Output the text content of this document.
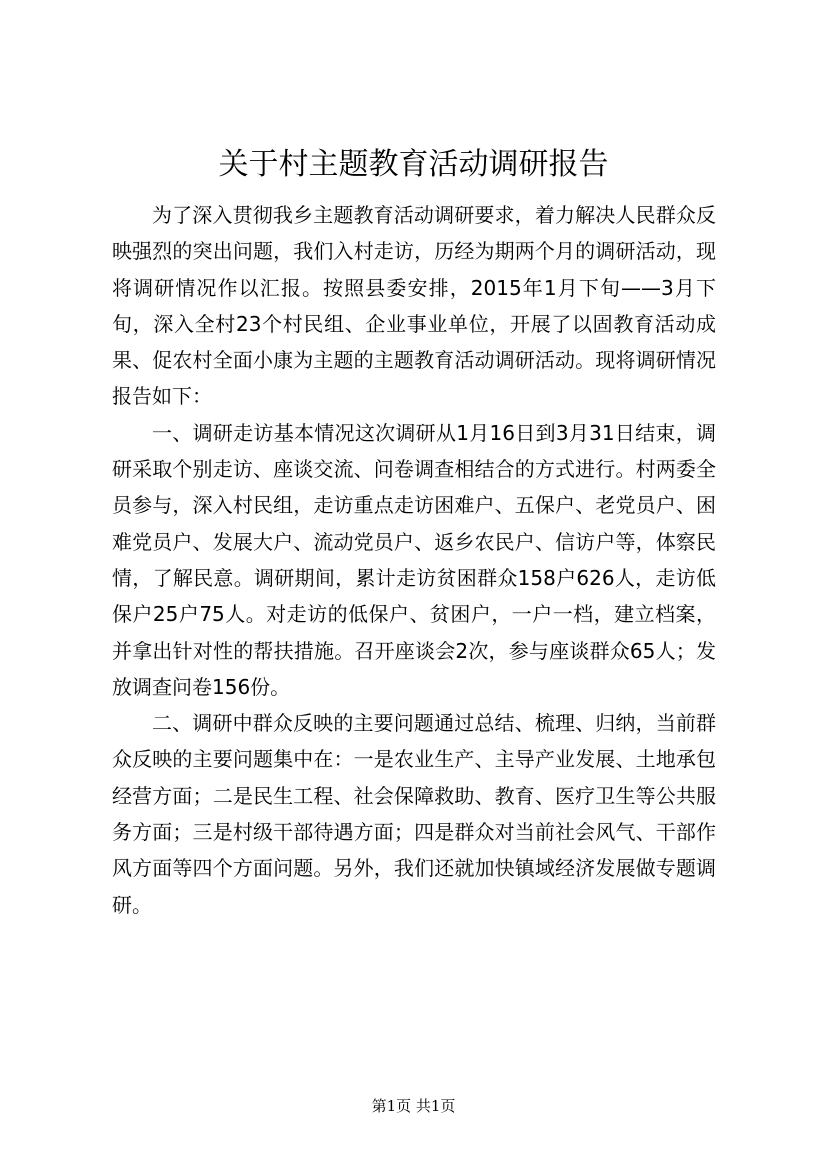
关于村主题教育活动调研报告

为了深入贯彻我乡主题教育活动调研要求，着力解决人民群众反映强烈的突出问题，我们入村走访，历经为期两个月的调研活动，现将调研情况作以汇报。按照县委安排，2015年1月下旬——3月下旬，深入全村23个村民组、企业事业单位，开展了以固教育活动成果、促农村全面小康为主题的主题教育活动调研活动。现将调研情况报告如下：

一、调研走访基本情况这次调研从1月16日到3月31日结束，调研采取个别走访、座谈交流、问卷调查相结合的方式进行。村两委全员参与，深入村民组，走访重点走访困难户、五保户、老党员户、困难党员户、发展大户、流动党员户、返乡农民户、信访户等，体察民情，了解民意。调研期间，累计走访贫困群众158户626人，走访低保户25户75人。对走访的低保户、贫困户，一户一档，建立档案，并拿出针对性的帮扶措施。召开座谈会2次，参与座谈群众65人；发放调查问卷156份。

二、调研中群众反映的主要问题通过总结、梳理、归纳，当前群众反映的主要问题集中在：一是农业生产、主导产业发展、土地承包经营方面；二是民生工程、社会保障救助、教育、医疗卫生等公共服务方面；三是村级干部待遇方面；四是群众对当前社会风气、干部作风方面等四个方面问题。另外，我们还就加快镇域经济发展做专题调研。

第1页 共1页
